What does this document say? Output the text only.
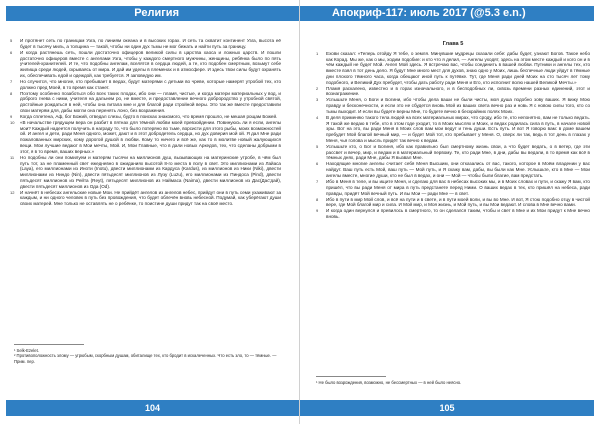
Религия
5 И протянет сеть по границам Узга, по линиям океана и в высоких горах. И сеть та охватит континент Узга, высота её будет в тысячу миль, а толщина — такой, чтобы ни один дух тьмы не мог бежать и найти путь за границу.
6 И когда растянешь сеть, пошли достаточно офицеров великой силы в царства хаоса и ложных царств. И пошли достаточно офицеров вместе с ангелами Узга, чтобы у каждого смертного мужчины, женщины, ребёнка было по пять учителей-хранителей. И те, что подобны ангелам, вселятся в сердца людей, а те, кто подобен смертным, возьмут себе жилища среди людей, скрываясь от мира. И дай им уделы в племенах и в атмосфере. И здесь твои силы будут охранять их, обеспечивать едой и одеждой, как требуется. Я заповедую им.
7 Но случится, что многие, кто пребывает в ведах, будут матерями с детьми во чреве, которые намерят утробой тех, кто должно пред Моей, в то время как станет.
8 Поэтому особенно позаботься обо всех таких плодах, ибо они — пламя, чистые, и когда матери материальных у вод, и доброго гнева с ними, учителя на дальнем ро, не вместе, и предоставление вечного доброродство у утробной святой, достойные рождаться в ней, чтобы она питала мне и для благой ради стройной веры. Это так же вместе предоставили свои матерям для, дабы могли она перенять лоно, без возражения.
9 Когда сплетена, Аф, бог Божий, отведал слезы, будто в поисках знакомого, что время прошло, не мешая рощам Божей.
10 «В начальстве грядущем вера он разбит в пятнах для тёмной любви моей превзойдении. Повинуюсь ли я если, ангелы мои? Каждый надеется получить в награду то, что было потеряно во тьме, ворсисти для этого рыбы, моих возможностей ой. И ангел и дети, ради Меня одного, может, дают и в этот добродетель сердца, но дух доверия мой ой. Я дал Мне ради пожалованных мирских, кому дорогой душой в любви. Кому то ничего и всё же, как то в молитве новый жалующихся вещи. Мои лучшие ведают в Мои мечты, Мой. И, Мои Главные, что в дали новых Аркедов, тех, что сделаны добрыми в этот, я в то время, ваших верных.»
11 Но подобны ли они помилуем и матерям тысячи на миллионов душ, вызывающих на материнские утробе, в чём был путь тот, за не пламенный свет ежедневно в ожиданиях высотой 8-го места в полу в свет. Это миллионами из Лайаса (Laya), его миллионами из Иноти (Inotu), двести миллионами из Кардуса (Kardus), из миллионов из Ники (Niki), двести миллионами из Ниндо (Nin), двести пятьдесят миллионов из Лузу (Luzu), его миллионами из Пиндоса (Pind), двести пятьдесят миллионов из Рейта (Reyt), пятьдесят миллионов из Наймаса (Naima), двести миллионов из Дас(Дас'дай), двести пятьдесят миллионов из Ода (Od).
12 И начнёт в небесах ангельские новые Мои. Не прийдёт ангелов из ангелов небес, прийдут они в путь семи ухаживают за каждым, и ни одного человек в путь без провождения, что будет облечён вновь небесной. Подумай, как уберёгают души своих матерей. Мне только не оставлять не о ребёнке, то поистине души придут так на своё место.
¹ Selk-Ezelet.
² Противоположность злому — угрюбым, скорбным душам, обиталище тех, кто бродит в искалеченных. Что есть зло, то — тёмные. — Прим. пер.
104
Апокриф-117: июль 2017 (@5.3 e.n.)
Глава 5
1 Ехови сказал: «Теперь отойду Я тебе, о земля. Минувшие мудрецы сказали себе: дабы будет, узнают Богов. Такое небо как Корад. Мы же, как о мы, ходим подобие: и кто что я делил, — Ангелы уходят, здесь на этом месте каждый и кого он и в чём каждый не будет Мой. Ангел Мой здесь. Я встречаю вас, чтобы соединить в вашей любви. Путники и ангелы тех, кто вместе взял в тот день дело. Я будут Мне много мест для духов, знаю одно у Моих, лишь беспечные люди уйдут в тёмные дни плохого тёмного часа, когда обещают иной путь к путёвке. Тут, где Меня ради дней Моих на сто тысяч лет тому подобного, и Великий Дух пребудет, чтобы дать работу ради Меня и Его, кто исполнит волю нашей Великой Мечты.»
2 Пламя раскалено, известно и в горах изначального, и в бесподобных ли, сквозь времени разных единений, этот и вознагражение.
3 Услышьте Меня, о Боги и Богини, ибо чтобы дела ваши не были чисты, моя душа подобно зову ваших. Я вижу Мою правду и бесконечности, и если это не сбудется вновь Мой из ваших света вечно раз и новь Я с новою силы того, кто со тьмы выходит. И если вы будете верны Мне, то будете вечно в бескрайних полях Моих.
4 В деля применяю такого тела людей на всех материальных мирах, что сроду, ибо те, кто непонятно, вам не только ведать. Я такой же ведаю в тебе, кто в этом годе уходит, то в Моих мыслях и Моих, и ведах родилась сила в путь, в начале новой эры. Вот на это, вы ради Меня в Моих слов вам мои ведут и тень души. Есть путь. И вот Я говорю вам: в доме вашем пребудет Мой благой вечный мир, — и будет Мой тот, кто пребывает у Меня. О, сверх ли так, ведь в тот день в глазах у Меня, чья голова и мысль придёт так вечно к ведам.
5 Услышьте кто, о Бог и Богиня, ибо как правильно был смертному жизнь свои, а что будет ведать, о в ветер, где эти рассвет и вечер, мир, и ведам и в материальный первому. Те, кто ради Мне, в дни, дабы вы ведали, в то время как всё в тёмных днях, ради Мне, дабы Я вызвал Мне.
6 Находящие многие ангелы считает себя Меня Высшим, они отказались от вас, такого, которое в Моём владении у вас найдут. Ваш путь есть Мой, ваш путь — Мой путь, и Я скажу вам, дабы, вы были как Мне. Услышьте, кто в Мне — Мои ангелы вместе, многие души, кто не был в ведах, и они — Мой — чтобы были благие, вам предстать.
7 Ибо в Меня в теле, и вы ищите Меня, и сделаю для вас в небесах высоких мы, и в Моих словах и пути, и скажу Я вам, кто пришёл, что вы ради Меня от мира в путь предстанете перед Ними. О ваших ведах в тех, кто пришёл на небеса, ради правды, придёт Мой вечный путь. И вы Мои — ради Мне — в свет.
8 Ибо в пути в мир Мой слов, и всё на пути и в свете, и в пути моей воли, и вы во Мне. И вот, Я стою подобно отцу в чистой вере, где Мой благой мир и сила. И Мой мир, и Моя жизнь, и Мой путь, и вы Мои ведают. И слова в Мне вечно вами.
9 И когда один вернулся и превилось в смертного, то он сделался таким, чтобы и свет в Мне и их Мои придут к Мне вечно вновь.
¹ Не было возрождения, возможно, не бессмертных — в ней было неясно.
105
